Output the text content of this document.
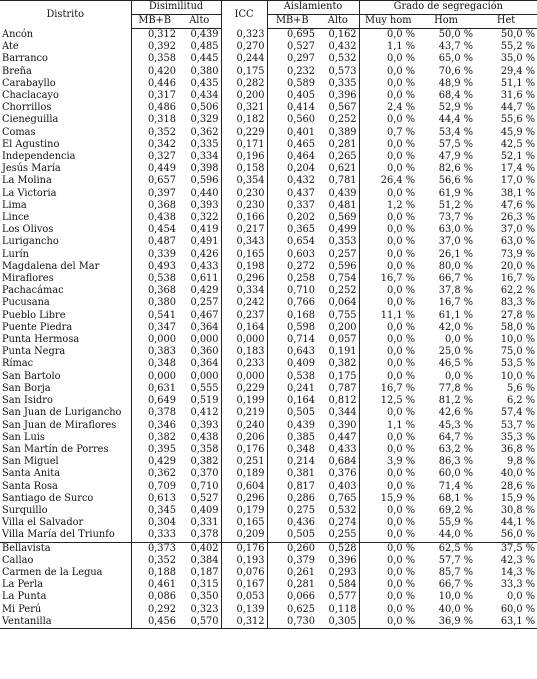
Distrito	Disimilitud		ICC	Aislamiento		Grado de segregación		
	MB+B	Alto		MB+B	Alto	Muy hom	Hom	Het
Ancón	0,312	0,439	0,323	0,695	0,162	0,0 %	50,0 %	50,0 %
Ate	0,392	0,485	0,270	0,527	0,432	1,1 %	43,7 %	55,2 %
Barranco	0,358	0,445	0,244	0,297	0,532	0,0 %	65,0 %	35,0 %
Breña	0,420	0,380	0,175	0,232	0,573	0,0 %	70,6 %	29,4 %
Carabayllo	0,446	0,435	0,282	0,589	0,335	0,0 %	48,9 %	51,1 %
Chaclacayo	0,317	0,434	0,200	0,405	0,396	0,0 %	68,4 %	31,6 %
Chorrillos	0,486	0,506	0,321	0,414	0,567	2,4 %	52,9 %	44,7 %
Cieneguilla	0,318	0,329	0,182	0,560	0,252	0,0 %	44,4 %	55,6 %
Comas	0,352	0,362	0,229	0,401	0,389	0,7 %	53,4 %	45,9 %
El Agustino	0,342	0,335	0,171	0,465	0,281	0,0 %	57,5 %	42,5 %
Independencia	0,327	0,334	0,196	0,464	0,265	0,0 %	47,9 %	52,1 %
Jesús María	0,449	0,398	0,158	0,204	0,621	0,0 %	82,6 %	17,4 %
La Molina	0,657	0,596	0,354	0,432	0,781	26,4 %	56,6 %	17,0 %
La Victoria	0,397	0,440	0,230	0,437	0,439	0,0 %	61,9 %	38,1 %
Lima	0,368	0,393	0,230	0,337	0,481	1,2 %	51,2 %	47,6 %
Lince	0,438	0,322	0,166	0,202	0,569	0,0 %	73,7 %	26,3 %
Los Olivos	0,454	0,419	0,217	0,365	0,499	0,0 %	63,0 %	37,0 %
Lurigancho	0,487	0,491	0,343	0,654	0,353	0,0 %	37,0 %	63,0 %
Lurín	0,339	0,426	0,165	0,603	0,257	0,0 %	26,1 %	73,9 %
Magdalena del Mar	0,493	0,433	0,198	0,272	0,596	0,0 %	80,0 %	20,0 %
Miraflores	0,538	0,611	0,296	0,258	0,754	16,7 %	66,7 %	16,7 %
Pachacámac	0,368	0,429	0,334	0,710	0,252	0,0 %	37,8 %	62,2 %
Pucusana	0,380	0,257	0,242	0,766	0,064	0,0 %	16,7 %	83,3 %
Pueblo Libre	0,541	0,467	0,237	0,168	0,755	11,1 %	61,1 %	27,8 %
Puente Piedra	0,347	0,364	0,164	0,598	0,200	0,0 %	42,0 %	58,0 %
Punta Hermosa	0,000	0,000	0,000	0,714	0,057	0,0 %	0,0 %	10,0 %
Punta Negra	0,383	0,360	0,183	0,643	0,191	0,0 %	25,0 %	75,0 %
Rímac	0,348	0,364	0,233	0,409	0,382	0,0 %	46,5 %	53,5 %
San Bartolo	0,000	0,000	0,000	0,538	0,175	0,0 %	0,0 %	10,0 %
San Borja	0,631	0,555	0,229	0,241	0,787	16,7 %	77,8 %	5,6 %
San Isidro	0,649	0,519	0,199	0,164	0,812	12,5 %	81,2 %	6,2 %
San Juan de Lurigancho	0,378	0,412	0,219	0,505	0,344	0,0 %	42,6 %	57,4 %
San Juan de Miraflores	0,346	0,393	0,240	0,439	0,390	1,1 %	45,3 %	53,7 %
San Luis	0,382	0,438	0,206	0,385	0,447	0,0 %	64,7 %	35,3 %
San Martín de Porres	0,395	0,358	0,176	0,348	0,433	0,0 %	63,2 %	36,8 %
San Miguel	0,429	0,382	0,251	0,214	0,684	3,9 %	86,3 %	9,8 %
Santa Anita	0,362	0,370	0,189	0,381	0,376	0,0 %	60,0 %	40,0 %
Santa Rosa	0,709	0,710	0,604	0,817	0,403	0,0 %	71,4 %	28,6 %
Santiago de Surco	0,613	0,527	0,296	0,286	0,765	15,9 %	68,1 %	15,9 %
Surquillo	0,345	0,409	0,179	0,275	0,532	0,0 %	69,2 %	30,8 %
Villa el Salvador	0,304	0,331	0,165	0,436	0,274	0,0 %	55,9 %	44,1 %
Villa María del Triunfo	0,333	0,378	0,209	0,505	0,255	0,0 %	44,0 %	56,0 %
Bellavista	0,373	0,402	0,176	0,260	0,528	0,0 %	62,5 %	37,5 %
Callao	0,352	0,384	0,193	0,379	0,396	0,0 %	57,7 %	42,3 %
Carmen de la Legua	0,188	0,187	0,076	0,261	0,293	0,0 %	85,7 %	14,3 %
La Perla	0,461	0,315	0,167	0,281	0,584	0,0 %	66,7 %	33,3 %
La Punta	0,086	0,350	0,053	0,066	0,577	0,0 %	10,0 %	0,0 %
Mi Perú	0,292	0,323	0,139	0,625	0,118	0,0 %	40,0 %	60,0 %
Ventanilla	0,456	0,570	0,312	0,730	0,305	0,0 %	36,9 %	63,1 %
